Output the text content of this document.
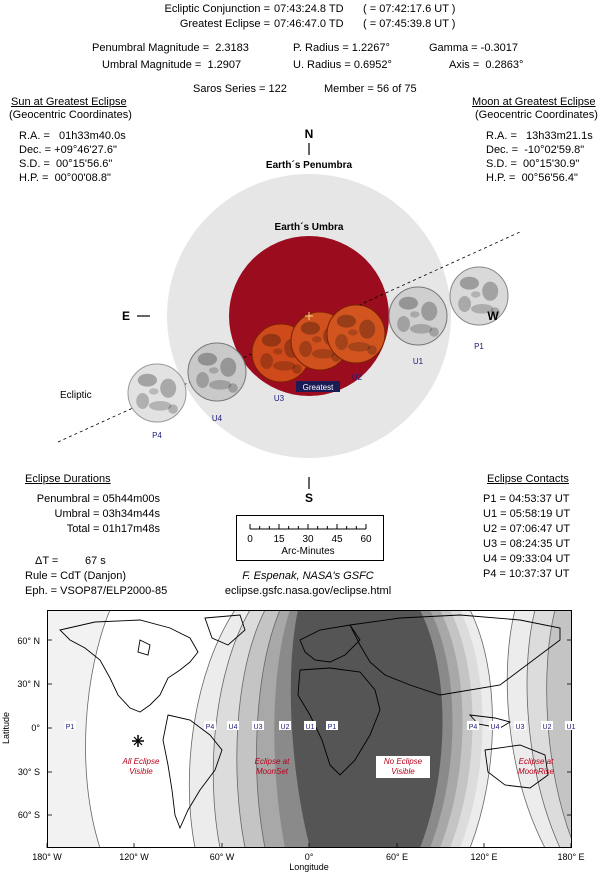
Ecliptic Conjunction = 07:43:24.8 TD ( = 07:42:17.6 UT )
Greatest Eclipse = 07:46:47.0 TD ( = 07:45:39.8 UT )
Penumbral Magnitude =  2.3183
Umbral Magnitude =  1.2907
P. Radius = 1.2267°
U. Radius = 0.6952°
Gamma = -0.3017
Axis =  0.2863°
Saros Series = 122	Member = 56 of 75
Sun at Greatest Eclipse
(Geocentric Coordinates)
R.A. =   01h33m40.0s
Dec. = +09°46'27.6"
S.D. =  00°15'56.6"
H.P. =  00°00'08.8"
Moon at Greatest Eclipse
(Geocentric Coordinates)
R.A. =   13h33m21.1s
Dec. =  -10°02'59.8"
S.D. =  00°15'30.9"
H.P. =  00°56'56.4"
N
S
E	W
Earth´s Penumbra
Earth´s Umbra
Ecliptic
Greatest
P1
U1
U2
U3
U4
P4
Eclipse Durations
Penumbral = 05h44m00s
Umbral = 03h34m44s
Total = 01h17m48s
ΔT = 67 s
Rule = CdT (Danjon)
Eph. = VSOP87/ELP2000-85
0 15 30 45 60
Arc-Minutes
F. Espenak, NASA's GSFC
eclipse.gsfc.nasa.gov/eclipse.html
Eclipse Contacts
P1 = 04:53:37 UT
U1 = 05:58:19 UT
U2 = 07:06:47 UT
U3 = 08:24:35 UT
U4 = 09:33:04 UT
P4 = 10:37:37 UT
60° N
30° N
0°
30° S
60° S
180° W	120° W	60° W	0°	60° E	120° E	180° E
Longitude
Latitude
All Eclipse
Visible
Eclipse at
MoonSet
No Eclipse
Visible
Eclipse at
MoonRise
P1	P4 U4 U3	U2 U1 P1	P4 U4 U3	U2 U1
